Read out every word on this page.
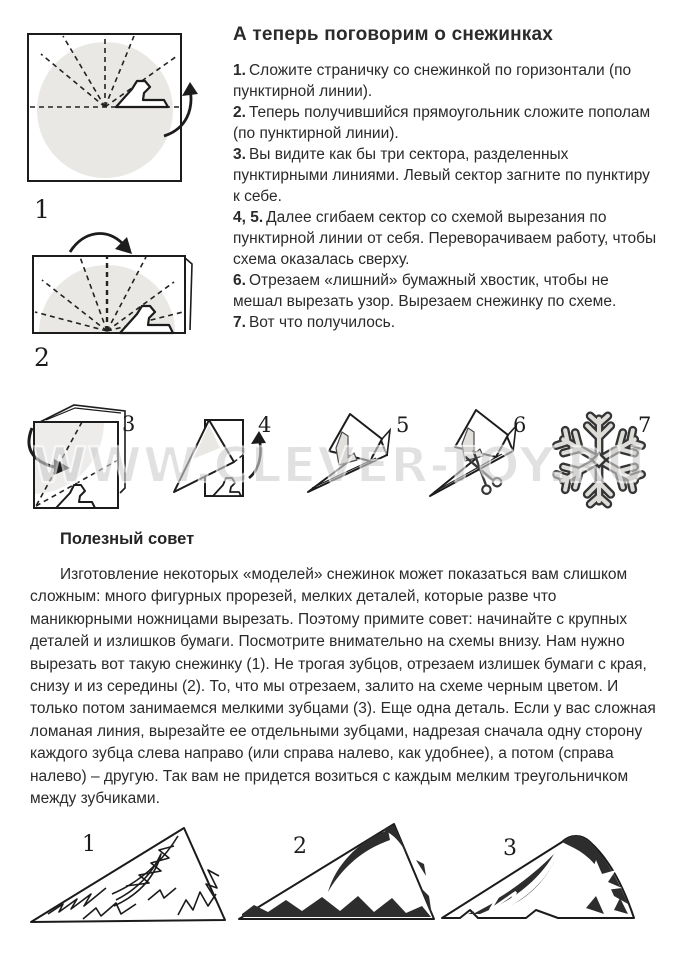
1
2
А теперь поговорим о снежинках

1. Сложите страничку со снежинкой по горизонтали (по пунктирной линии).

2. Теперь получившийся прямоугольник сложите пополам (по пунктирной линии).

3. Вы видите как бы три сектора, разделенных пунктирными линиями. Левый сектор загните по пунктиру к себе.

4, 5. Далее сгибаем сектор со схемой вырезания по пунктирной линии от себя. Переворачиваем работу, чтобы схема оказалась сверху.

6. Отрезаем «лишний» бумажный хвостик, чтобы не мешал вырезать узор. Вырезаем снежинку по схеме.

7. Вот что получилось.

3	4	5	6	7
WWW.CLEVER-TOY.RU
Полезный совет
Изготовление некоторых «моделей» снежинок может показаться вам слишком сложным: много фигурных прорезей, мелких деталей, которые разве что маникюрными ножницами вырезать. Поэтому примите совет: начинайте с крупных деталей и излишков бумаги. Посмотрите внимательно на схемы внизу. Нам нужно вырезать вот такую снежинку (1). Не трогая зубцов, отрезаем излишек бумаги с края, снизу и из середины (2). То, что мы отрезаем, залито на схеме черным цветом. И только потом занимаемся мелкими зубцами (3). Еще одна деталь. Если у вас сложная ломаная линия, вырезайте ее отдельными зубцами, надрезая сначала одну сторону каждого зубца слева направо (или справа налево, как удобнее), а потом (справа налево) – другую. Так вам не придется возиться с каждым мелким треугольничком между зубчиками.
1	2	3
